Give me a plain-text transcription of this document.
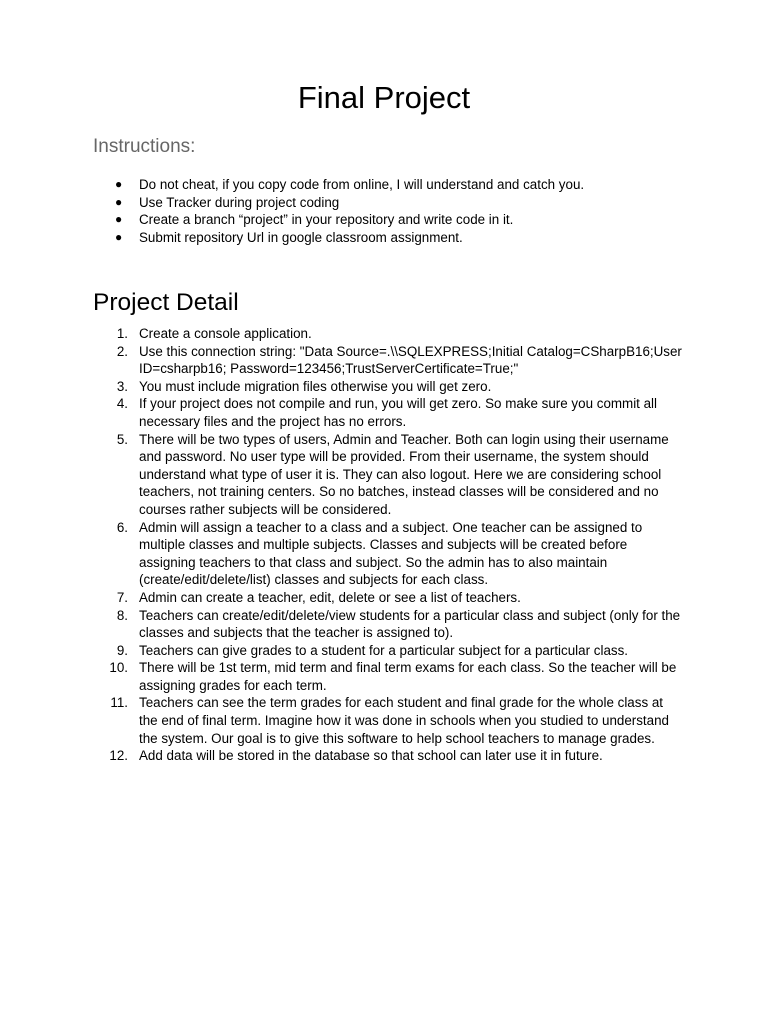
Final Project
Instructions:
● Do not cheat, if you copy code from online, I will understand and catch you.
● Use Tracker during project coding
● Create a branch “project” in your repository and write code in it.
● Submit repository Url in google classroom assignment.
Project Detail
1. Create a console application.
2. Use this connection string: "Data Source=.\\SQLEXPRESS;Initial Catalog=CSharpB16;User ID=csharpb16; Password=123456;TrustServerCertificate=True;"
3. You must include migration files otherwise you will get zero.
4. If your project does not compile and run, you will get zero. So make sure you commit all necessary files and the project has no errors.
5. There will be two types of users, Admin and Teacher. Both can login using their username and password. No user type will be provided. From their username, the system should understand what type of user it is. They can also logout. Here we are considering school teachers, not training centers. So no batches, instead classes will be considered and no courses rather subjects will be considered.
6. Admin will assign a teacher to a class and a subject. One teacher can be assigned to multiple classes and multiple subjects. Classes and subjects will be created before assigning teachers to that class and subject. So the admin has to also maintain (create/edit/delete/list) classes and subjects for each class.
7. Admin can create a teacher, edit, delete or see a list of teachers.
8. Teachers can create/edit/delete/view students for a particular class and subject (only for the classes and subjects that the teacher is assigned to).
9. Teachers can give grades to a student for a particular subject for a particular class.
10. There will be 1st term, mid term and final term exams for each class. So the teacher will be assigning grades for each term.
11. Teachers can see the term grades for each student and final grade for the whole class at the end of final term. Imagine how it was done in schools when you studied to understand the system. Our goal is to give this software to help school teachers to manage grades.
12. Add data will be stored in the database so that school can later use it in future.
